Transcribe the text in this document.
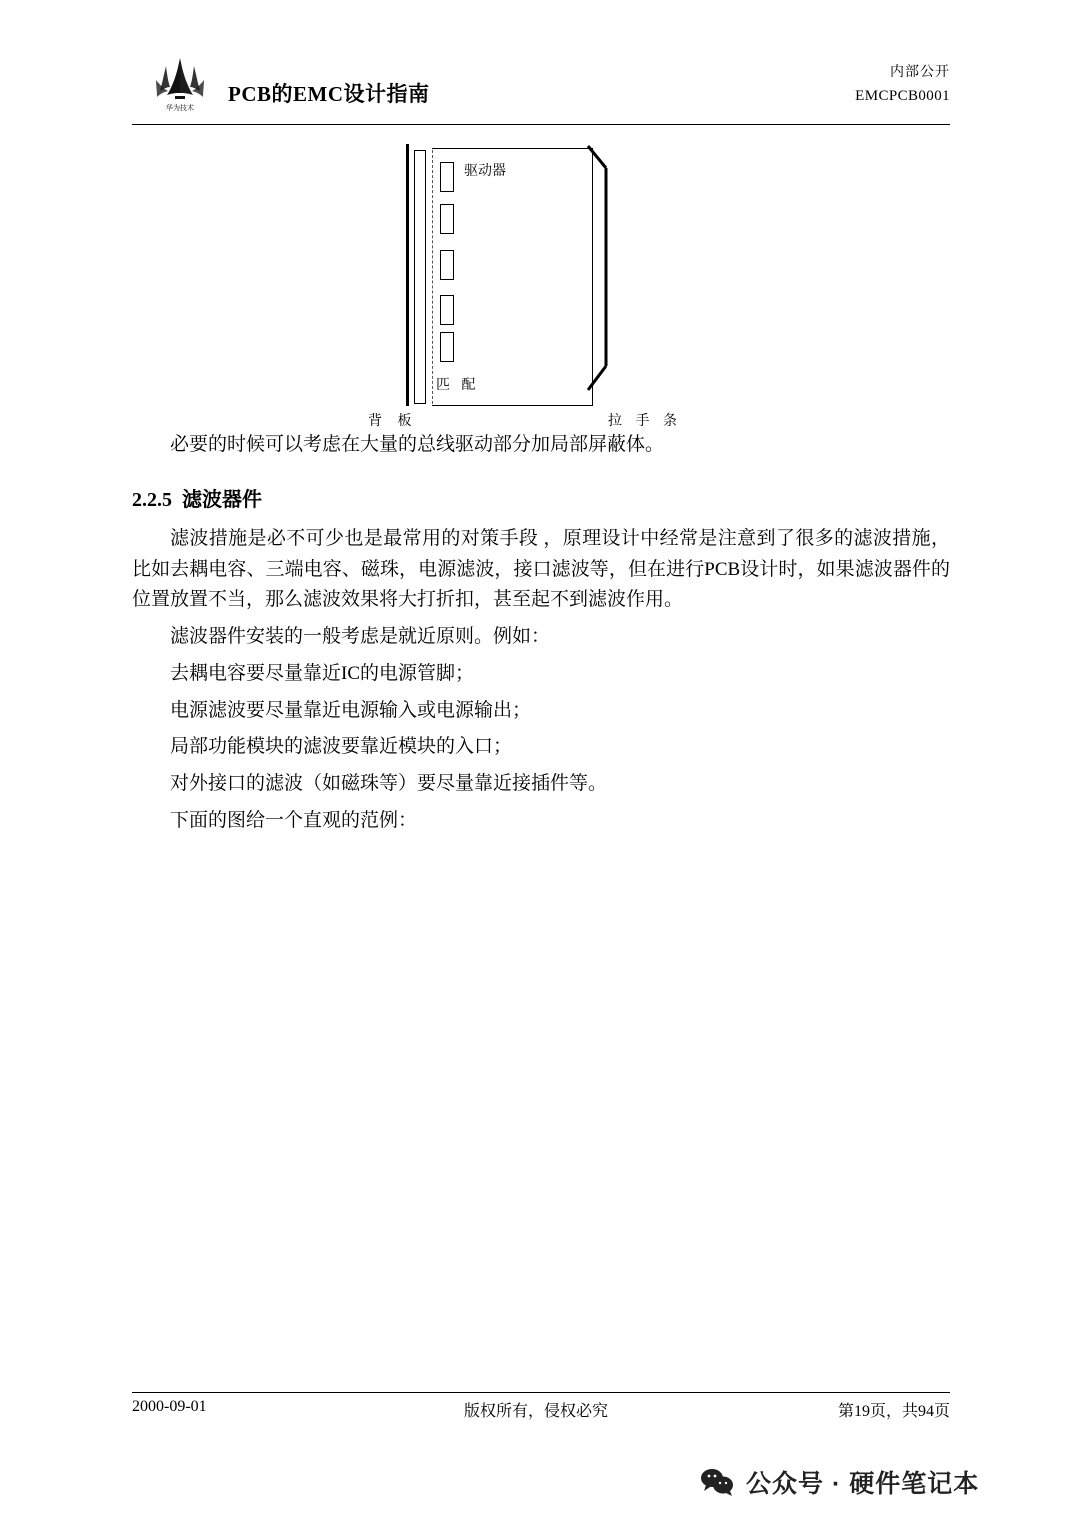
华为技术
PCB的EMC设计指南
内部公开
EMCPCB0001
驱动器
匹 配
背 板	拉 手 条

必要的时候可以考虑在大量的总线驱动部分加局部屏蔽体。

2.2.5 滤波器件

滤波措施是必不可少也是最常用的对策手段 ，原理设计中经常是注意到了很多的滤波措施，比如去耦电容、三端电容、磁珠，电源滤波，接口滤波等，但在进行PCB设计时，如果滤波器件的位置放置不当，那么滤波效果将大打折扣，甚至起不到滤波作用。

滤波器件安装的一般考虑是就近原则。例如：

去耦电容要尽量靠近IC的电源管脚；

电源滤波要尽量靠近电源输入或电源输出；

局部功能模块的滤波要靠近模块的入口；

对外接口的滤波（如磁珠等）要尽量靠近接插件等。

下面的图给一个直观的范例：

2000-09-01	版权所有，侵权必究	第19页，共94页
公众号 · 硬件笔记本
